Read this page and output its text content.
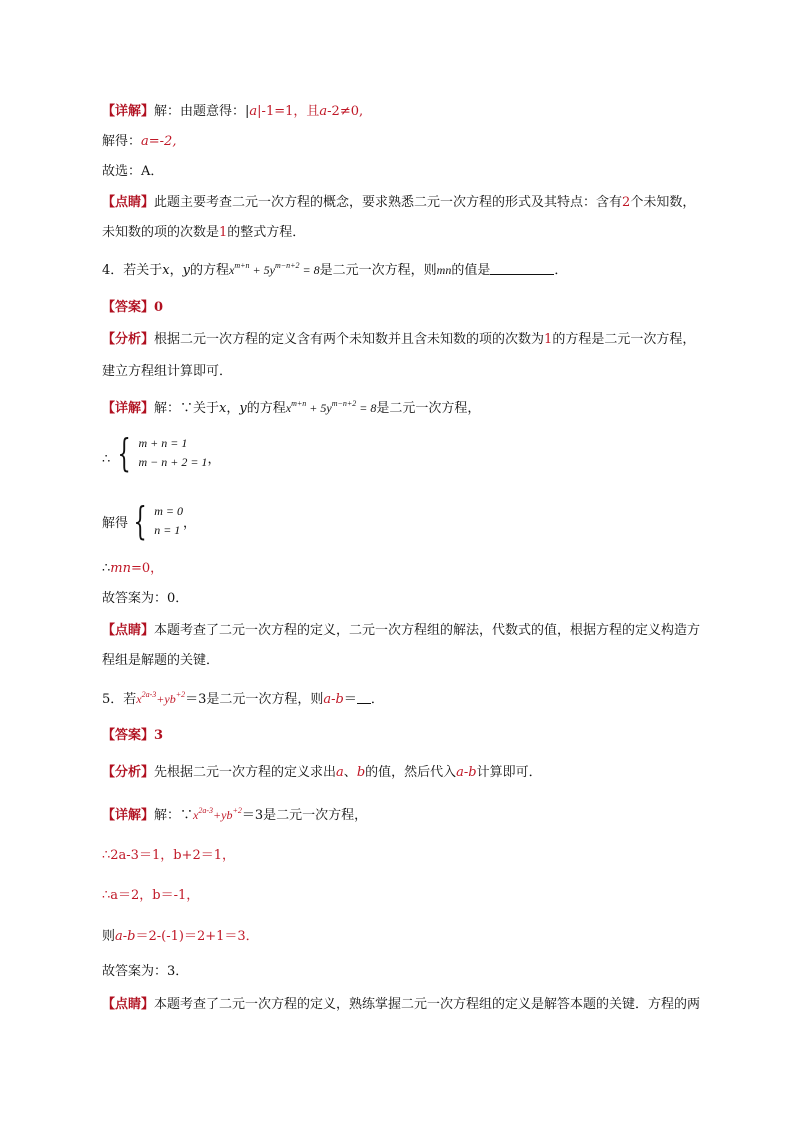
【详解】解：由题意得：|a|-1=1，且a-2≠0,
解得：a=-2,
故选：A．
【点睛】此题主要考查二元一次方程的概念，要求熟悉二元一次方程的形式及其特点：含有2个未知数，
未知数的项的次数是1的整式方程．
4．若关于x，y的方程$x^{m+n} + 5y^{m-n+2} = 8$是二元一次方程，则mn的值是	．
【答案】0
【分析】根据二元一次方程的定义含有两个未知数并且含未知数的项的次数为1的方程是二元一次方程，
建立方程组计算即可．
【详解】解：∵关于x，y的方程$x^{m+n} + 5y^{m-n+2} = 8$是二元一次方程，
∴ { m + n = 1
m − n + 2 = 1 ，
解得 { m = 0
n = 1 ，
∴mn=0，
故答案为：0．
【点睛】本题考查了二元一次方程的定义，二元一次方程组的解法，代数式的值，根据方程的定义构造方
程组是解题的关键．
5．若$x^{2a-3}+yb^{+2}=3$是二元一次方程，则a-b＝ ．
【答案】3
【分析】先根据二元一次方程的定义求出a、b的值，然后代入a-b计算即可．
【详解】解：$\because x^{2a-3}+yb^{+2}=3$是二元一次方程，
∴2a-3＝1，b+2＝1，
∴a＝2，b＝-1，
则a-b＝2-(-1)＝2+1＝3．
故答案为：3．
【点睛】本题考查了二元一次方程的定义，熟练掌握二元一次方程组的定义是解答本题的关键．方程的两
